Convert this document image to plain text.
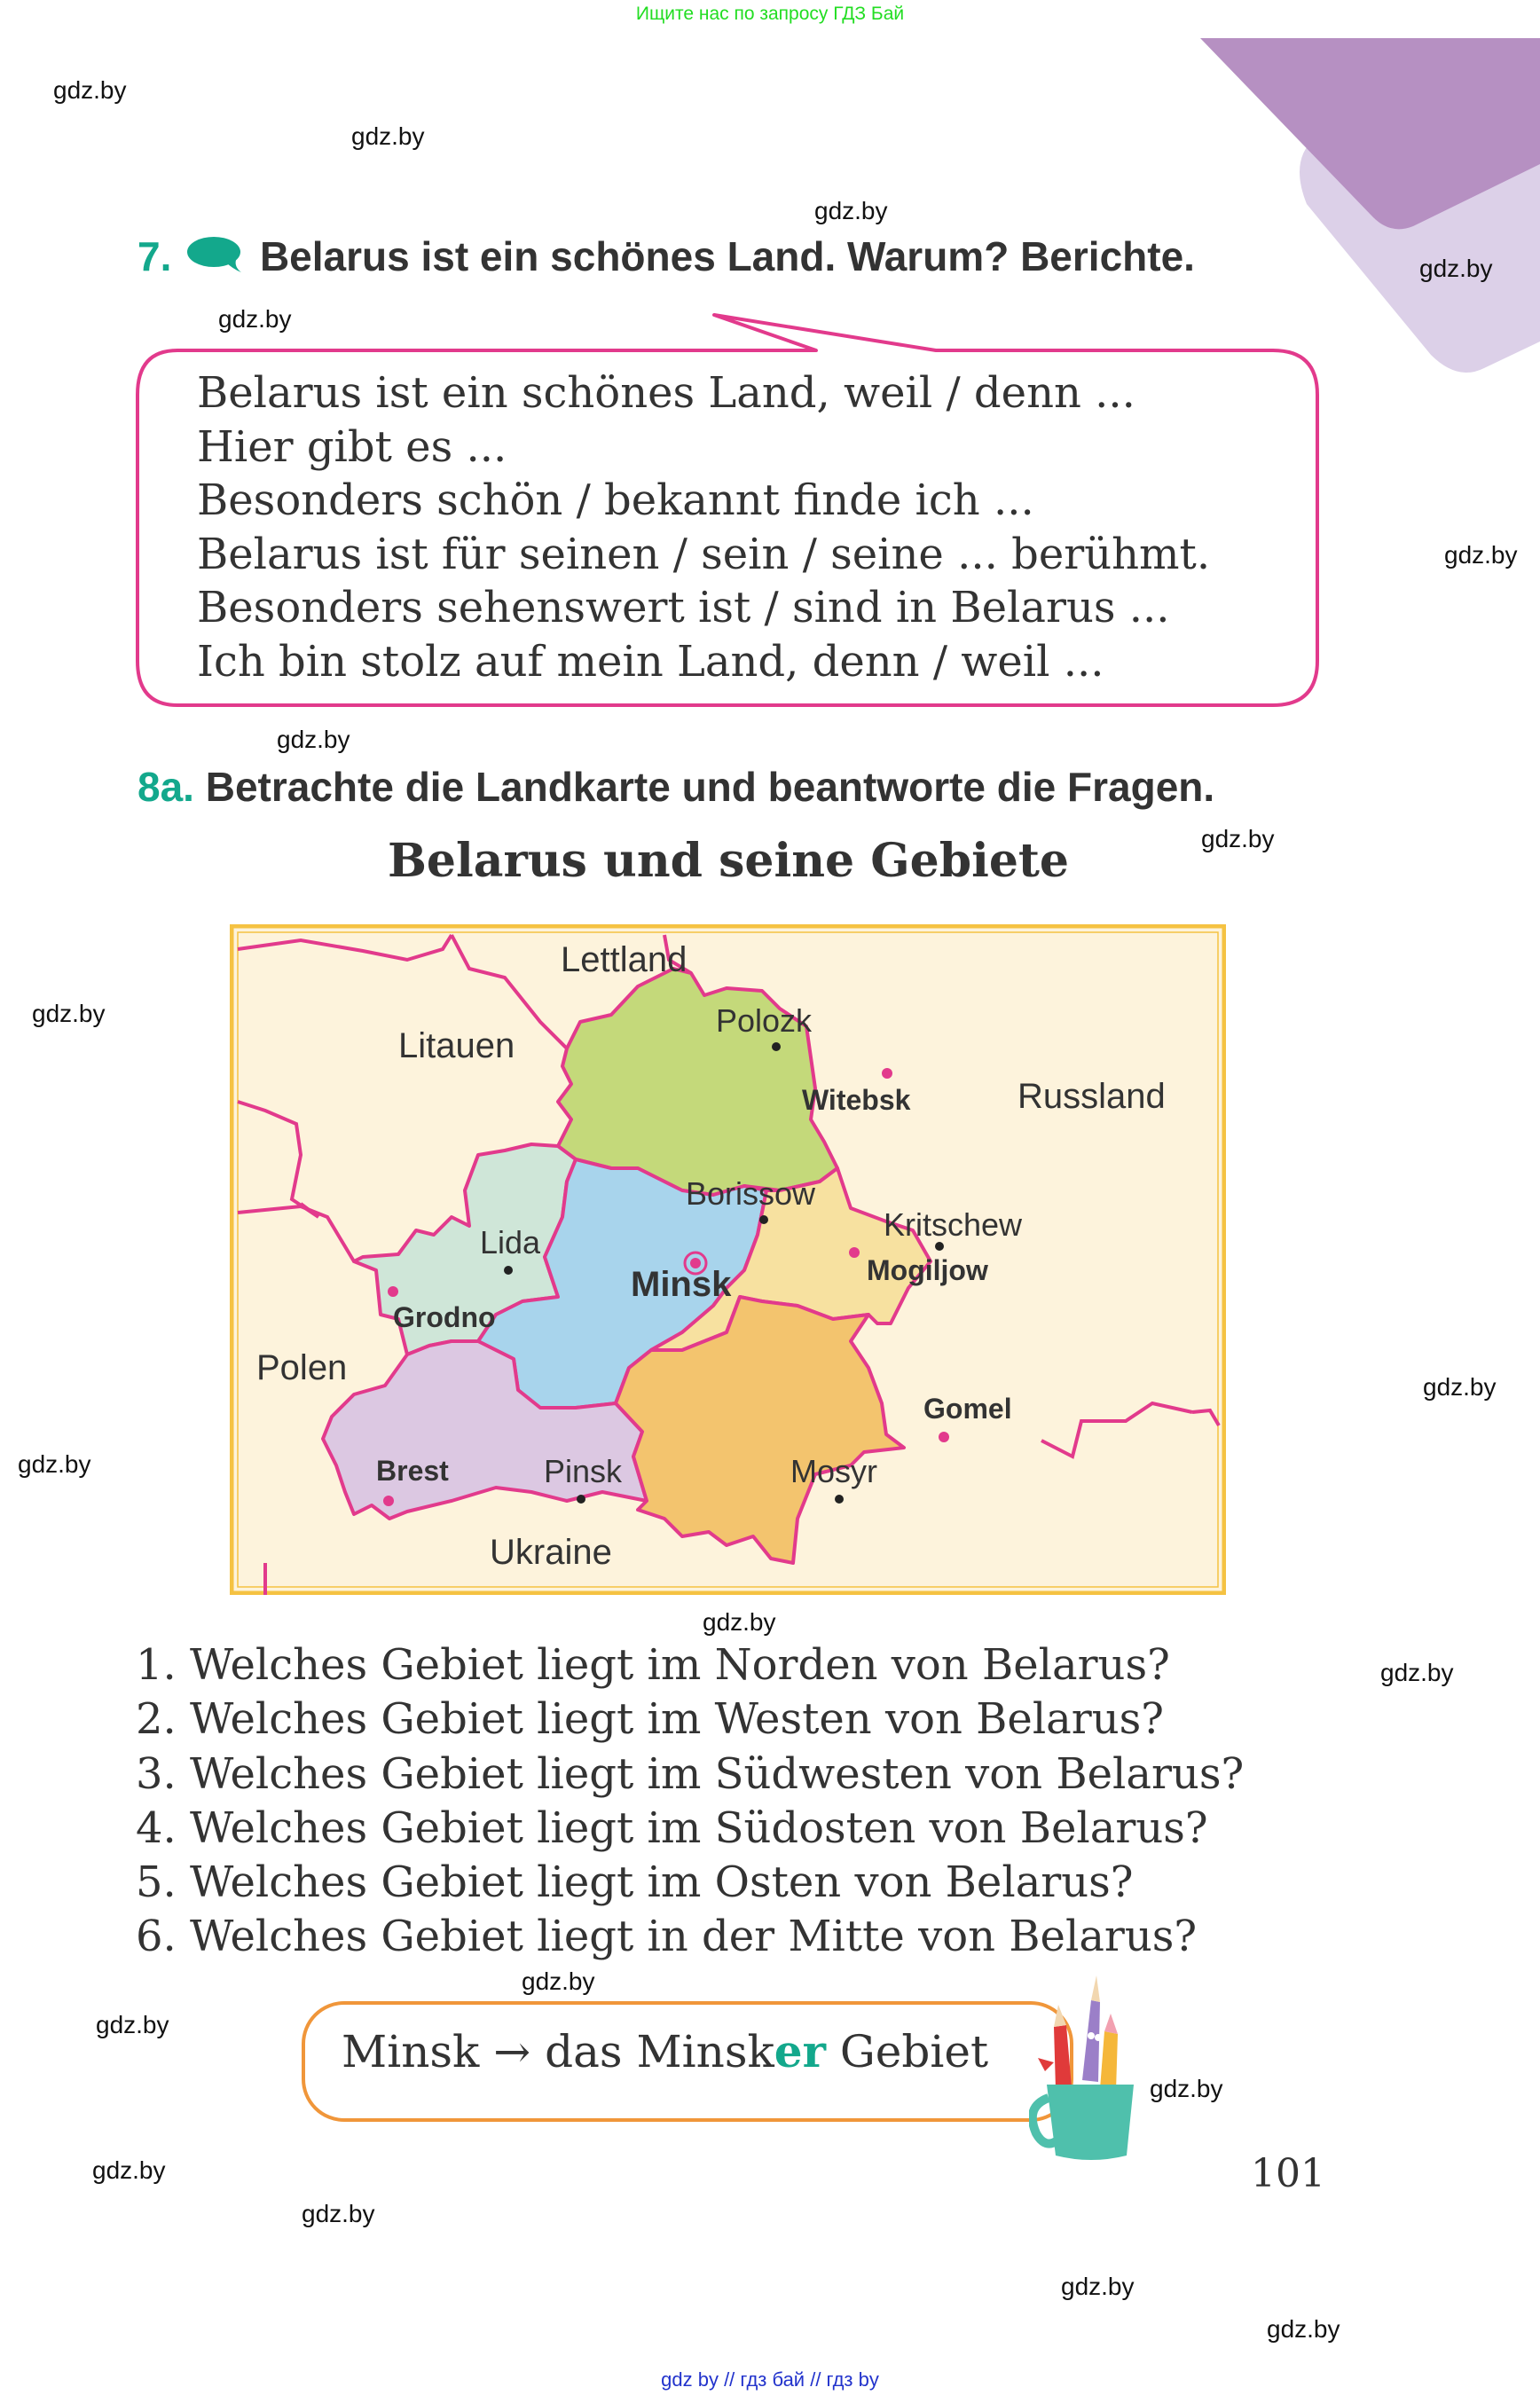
Ищите нас по запросу ГДЗ Бай
gdz.by
gdz.by
gdz.by
gdz.by
gdz.by
gdz.by
gdz.by
gdz.by
gdz.by
gdz.by
gdz.by
gdz.by
gdz.by
gdz.by
gdz.by
gdz.by
gdz.by
gdz.by
gdz.by
gdz.by
7. Belarus ist ein schönes Land. Warum? Berichte.
Belarus ist ein schönes Land, weil / denn ...
Hier gibt es ...
Besonders schön / bekannt finde ich ...
Belarus ist für seinen / sein / seine ... berühmt.
Besonders sehenswert ist / sind in Belarus ...
Ich bin stolz auf mein Land, denn / weil ...
8a. Betrachte die Landkarte und beantworte die Fragen.
Belarus und seine Gebiete
Lettland
Litauen
Russland
Polen
Ukraine
Polozk
Borissow
Lida	Kritschew
Pinsk	Mosyr
Witebsk
Minsk
Grodno
Brest
Mogiljow
Gomel
1. Welches Gebiet liegt im Norden von Belarus?
2. Welches Gebiet liegt im Westen von Belarus?
3. Welches Gebiet liegt im Südwesten von Belarus?
4. Welches Gebiet liegt im Südosten von Belarus?
5. Welches Gebiet liegt im Osten von Belarus?
6. Welches Gebiet liegt in der Mitte von Belarus?
Minsk → das Minsker Gebiet
101
gdz by // гдз бай // гдз by
